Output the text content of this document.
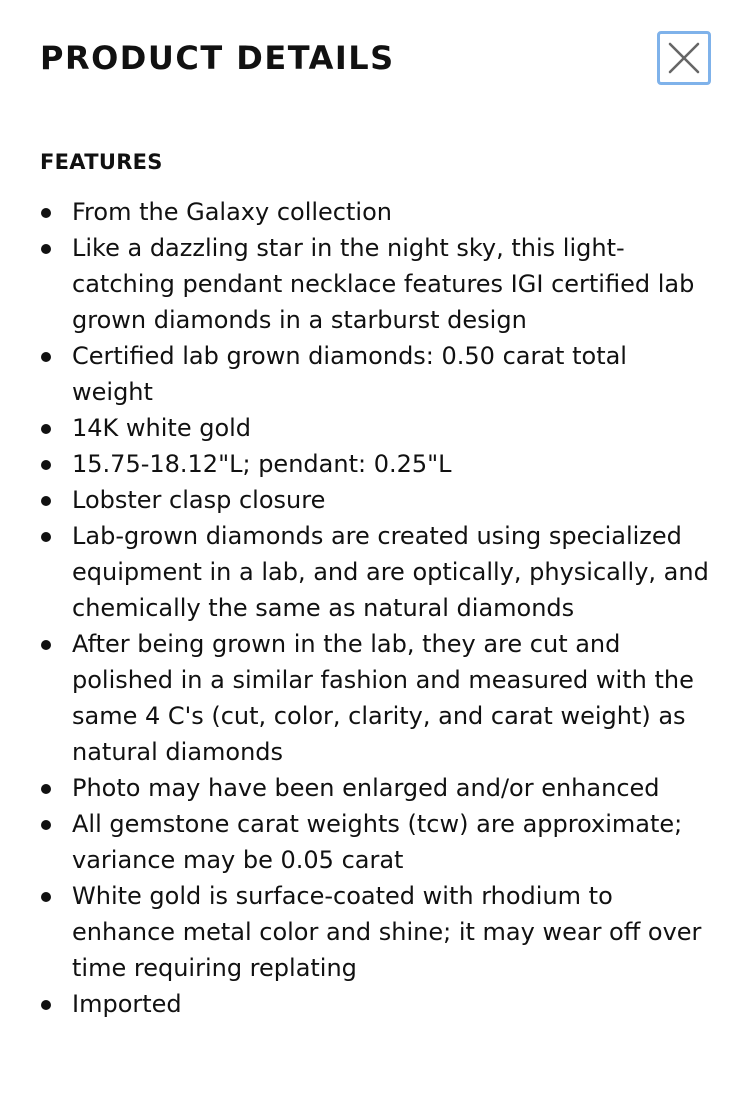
PRODUCT DETAILS
FEATURES
From the Galaxy collection
Like a dazzling star in the night sky, this light-catching pendant necklace features IGI certified lab grown diamonds in a starburst design
Certified lab grown diamonds: 0.50 carat total weight
14K white gold
15.75-18.12"L; pendant: 0.25"L
Lobster clasp closure
Lab-grown diamonds are created using specialized equipment in a lab, and are optically, physically, and chemically the same as natural diamonds
After being grown in the lab, they are cut and polished in a similar fashion and measured with the same 4 C's (cut, color, clarity, and carat weight) as natural diamonds
Photo may have been enlarged and/or enhanced
All gemstone carat weights (tcw) are approximate; variance may be 0.05 carat
White gold is surface-coated with rhodium to enhance metal color and shine; it may wear off over time requiring replating
Imported
